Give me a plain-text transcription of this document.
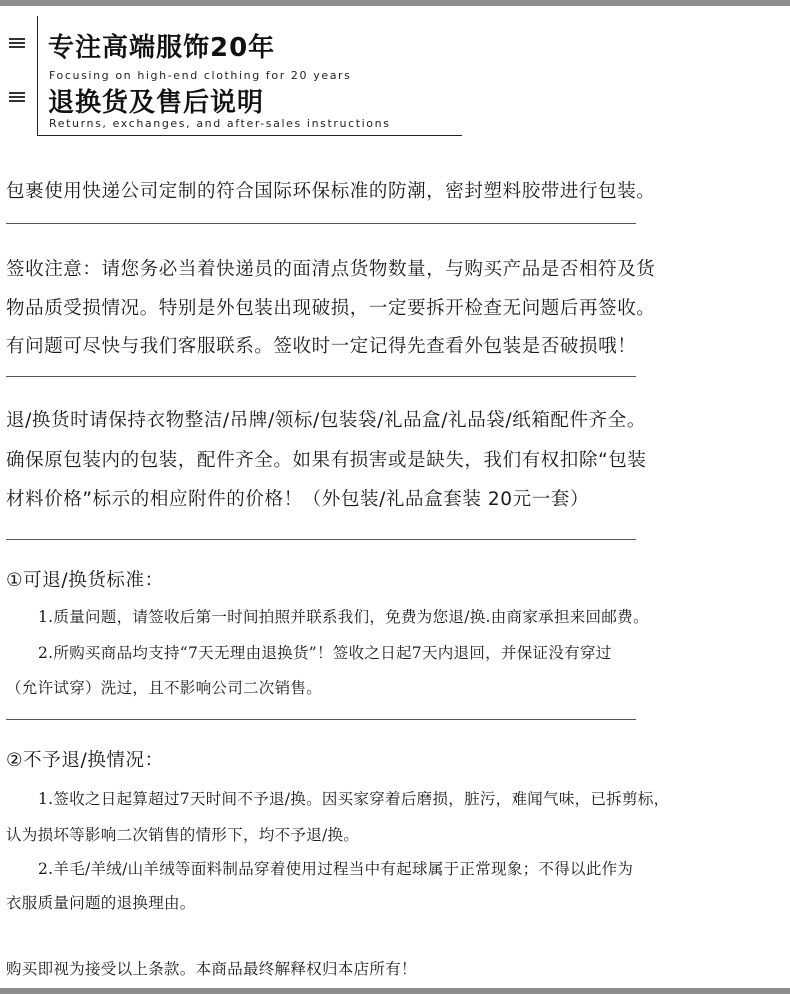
专注高端服饰20年
Focusing on high-end clothing for 20 years
退换货及售后说明
Returns, exchanges, and after-sales instructions
包裹使用快递公司定制的符合国际环保标准的防潮，密封塑料胶带进行包装。
签收注意：请您务必当着快递员的面清点货物数量，与购买产品是否相符及货
物品质受损情况。特别是外包装出现破损，一定要拆开检查无问题后再签收。
有问题可尽快与我们客服联系。签收时一定记得先查看外包装是否破损哦！
退/换货时请保持衣物整洁/吊牌/领标/包装袋/礼品盒/礼品袋/纸箱配件齐全。
确保原包装内的包装，配件齐全。如果有损害或是缺失，我们有权扣除“包装
材料价格”标示的相应附件的价格！（外包装/礼品盒套装 20元一套）
①可退/换货标准：
1.质量问题，请签收后第一时间拍照并联系我们，免费为您退/换.由商家承担来回邮费。
2.所购买商品均支持“7天无理由退换货”！签收之日起7天内退回，并保证没有穿过
（允许试穿）洗过，且不影响公司二次销售。
②不予退/换情况：
1.签收之日起算超过7天时间不予退/换。因买家穿着后磨损，脏污，难闻气味，已拆剪标，
认为损坏等影响二次销售的情形下，均不予退/换。
2.羊毛/羊绒/山羊绒等面料制品穿着使用过程当中有起球属于正常现象；不得以此作为
衣服质量问题的退换理由。
购买即视为接受以上条款。本商品最终解释权归本店所有！
